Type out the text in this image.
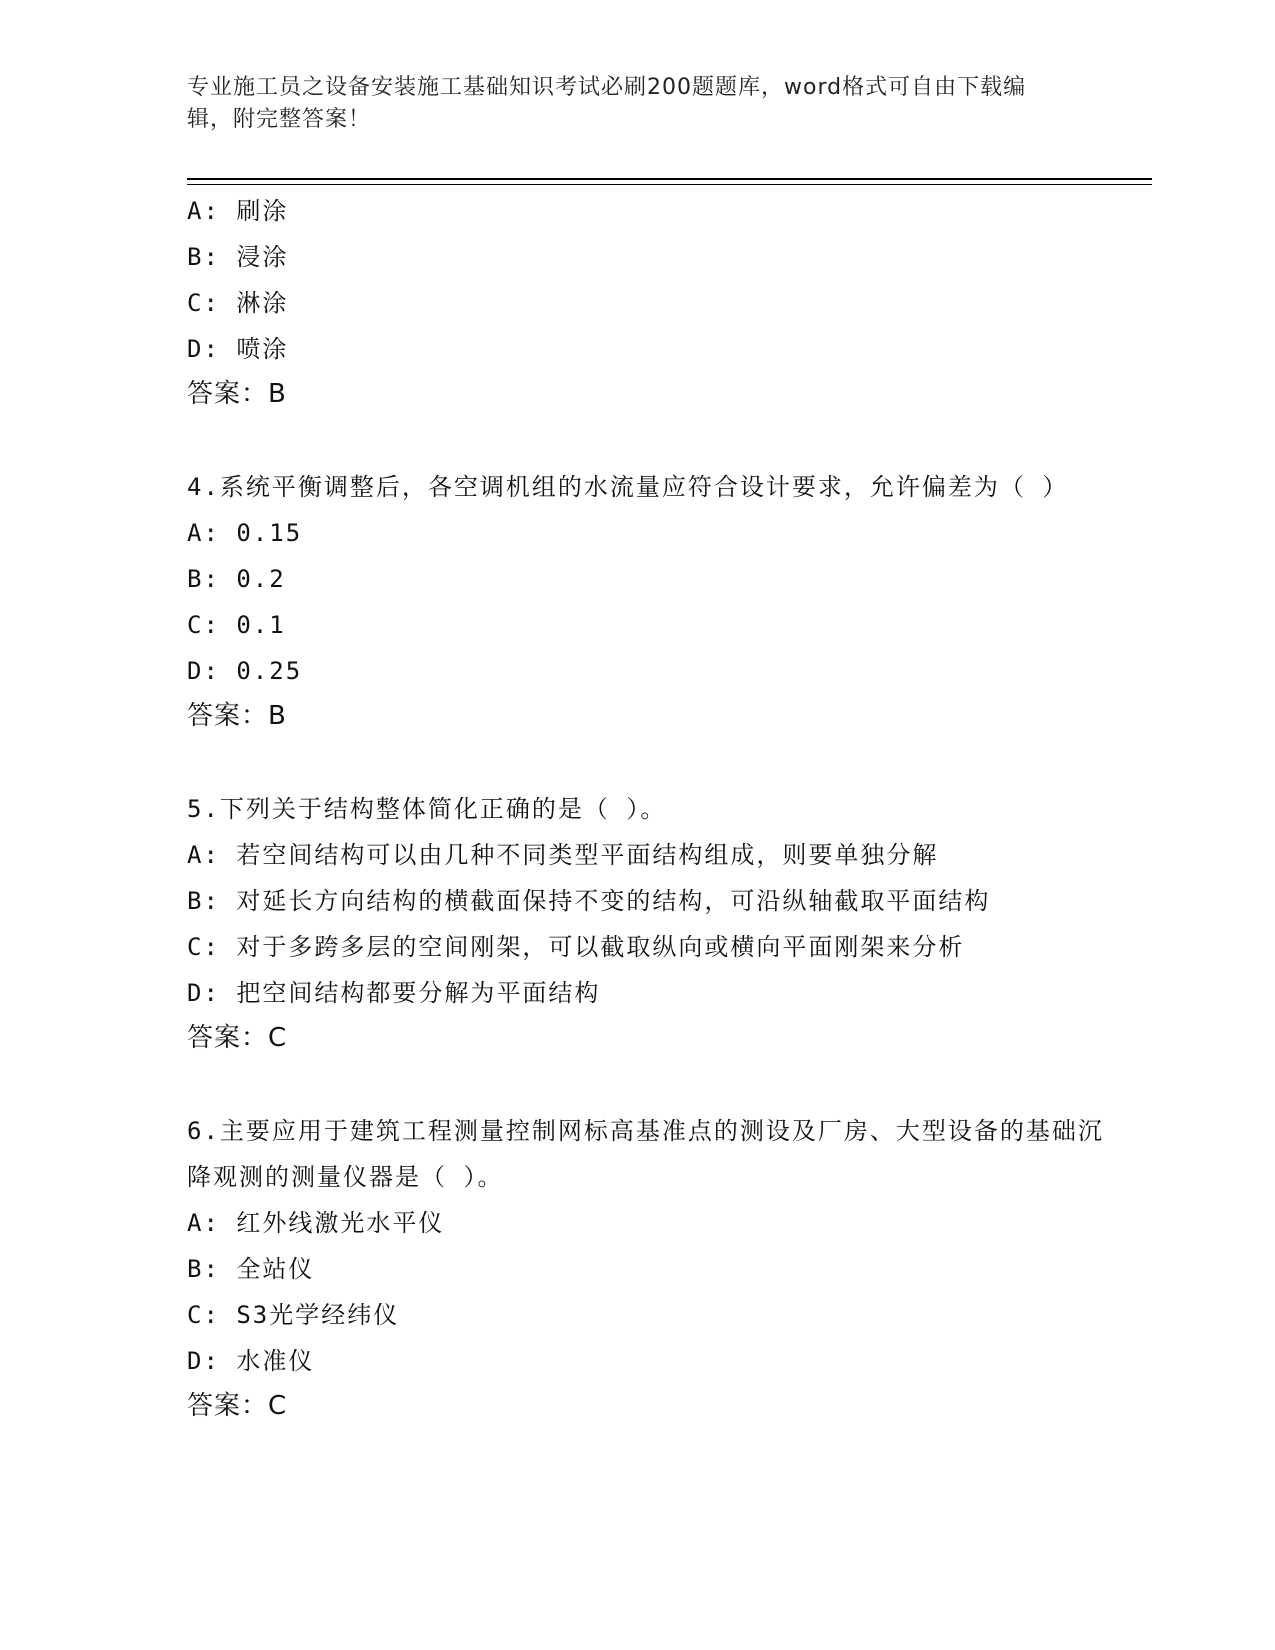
专业施工员之设备安装施工基础知识考试必刷200题题库，word格式可自由下载编辑，附完整答案！
A: 刷涂
B: 浸涂
C: 淋涂
D: 喷涂
答案：B
4.系统平衡调整后，各空调机组的水流量应符合设计要求，允许偏差为（ ）
A: 0.15
B: 0.2
C: 0.1
D: 0.25
答案：B
5.下列关于结构整体简化正确的是（ ）。
A: 若空间结构可以由几种不同类型平面结构组成，则要单独分解
B: 对延长方向结构的横截面保持不变的结构，可沿纵轴截取平面结构
C: 对于多跨多层的空间刚架，可以截取纵向或横向平面刚架来分析
D: 把空间结构都要分解为平面结构
答案：C
6.主要应用于建筑工程测量控制网标高基准点的测设及厂房、大型设备的基础沉降观测的测量仪器是（ ）。
A: 红外线激光水平仪
B: 全站仪
C: S3光学经纬仪
D: 水准仪
答案：C
